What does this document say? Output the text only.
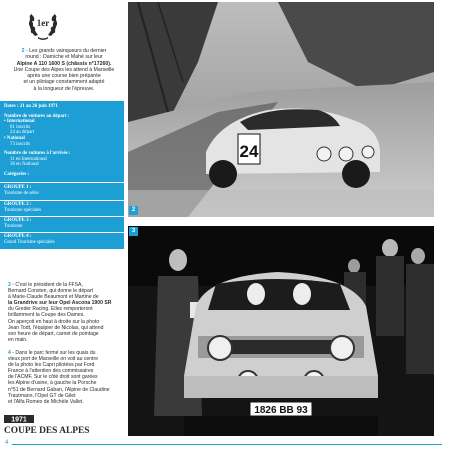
1er
2 - Les grands vainqueurs du dernier
round : Darniche et Mahé sur leur
Alpine A 110 1600 S (châssis n°17260).
Une Coupe des Alpes les attend à Marseille
après une course bien préparée
et un pilotage constamment adapté
à la longueur de l'épreuve.
Dates : 21 au 26 juin 1971
Nombre de voitures au départ :
• International
61 inscrits
24 au départ
• National
73 inscrits
Nombre de voitures à l'arrivée :
11 en International
36 en National
Catégories :
GROUPE 1 :
Tourisme de série
GROUPE 2 :
Tourisme spéciales
GROUPE 3 :
Tourisme
GROUPE 4 :
Grand Tourisme spéciales
24
2
1826 BB 93
3
3 - C'est le président de la FFSA,
Bernard Consten, qui donne le départ
à Marie-Claude Beaumont et Martine de
la Grandrive sur leur Opel Ascona 1900 SR
du Greder Racing. Elles remporteront
brillamment la Coupe des Dames.
On aperçoit en haut à droite sur la photo
Jean Todt, l'équipier de Nicolas, qui attend
son heure de départ, carnet de pointage
en main.
4 - Dans le parc fermé sur les quais du
vieux port de Marseille on voit au centre
de la photo les Capri pilotées par Ford
France à l'attention des commissaires
de l'ACMF. Sur le côté droit sont garées
les Alpine d'usine, à gauche la Porsche
n°51 de Bernard Gaban, l'Alpine de Claudine
Trautmann, l'Opel GT de Gilet
et l'Alfa Romeo de Michèle Vallet.
1971
COUPE DES ALPES
4
